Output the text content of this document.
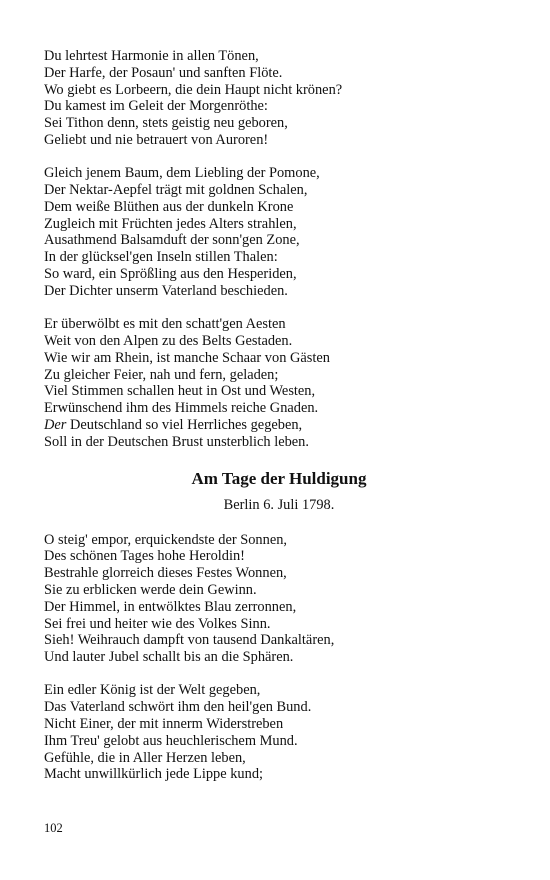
Du lehrtest Harmonie in allen Tönen,
Der Harfe, der Posaun' und sanften Flöte.
Wo giebt es Lorbeern, die dein Haupt nicht krönen?
Du kamest im Geleit der Morgenröthe:
Sei Tithon denn, stets geistig neu geboren,
Geliebt und nie betrauert von Auroren!
Gleich jenem Baum, dem Liebling der Pomone,
Der Nektar-Aepfel trägt mit goldnen Schalen,
Dem weiße Blüthen aus der dunkeln Krone
Zugleich mit Früchten jedes Alters strahlen,
Ausathmend Balsamduft der sonn'gen Zone,
In der glücksel'gen Inseln stillen Thalen:
So ward, ein Sprößling aus den Hesperiden,
Der Dichter unserm Vaterland beschieden.
Er überwölbt es mit den schatt'gen Aesten
Weit von den Alpen zu des Belts Gestaden.
Wie wir am Rhein, ist manche Schaar von Gästen
Zu gleicher Feier, nah und fern, geladen;
Viel Stimmen schallen heut in Ost und Westen,
Erwünschend ihm des Himmels reiche Gnaden.
Der Deutschland so viel Herrliches gegeben,
Soll in der Deutschen Brust unsterblich leben.
Am Tage der Huldigung
Berlin 6. Juli 1798.
O steig' empor, erquickendste der Sonnen,
Des schönen Tages hohe Heroldin!
Bestrahle glorreich dieses Festes Wonnen,
Sie zu erblicken werde dein Gewinn.
Der Himmel, in entwölktes Blau zerronnen,
Sei frei und heiter wie des Volkes Sinn.
Sieh! Weihrauch dampft von tausend Dankaltären,
Und lauter Jubel schallt bis an die Sphären.
Ein edler König ist der Welt gegeben,
Das Vaterland schwört ihm den heil'gen Bund.
Nicht Einer, der mit innerm Widerstreben
Ihm Treu' gelobt aus heuchlerischem Mund.
Gefühle, die in Aller Herzen leben,
Macht unwillkürlich jede Lippe kund;
102
